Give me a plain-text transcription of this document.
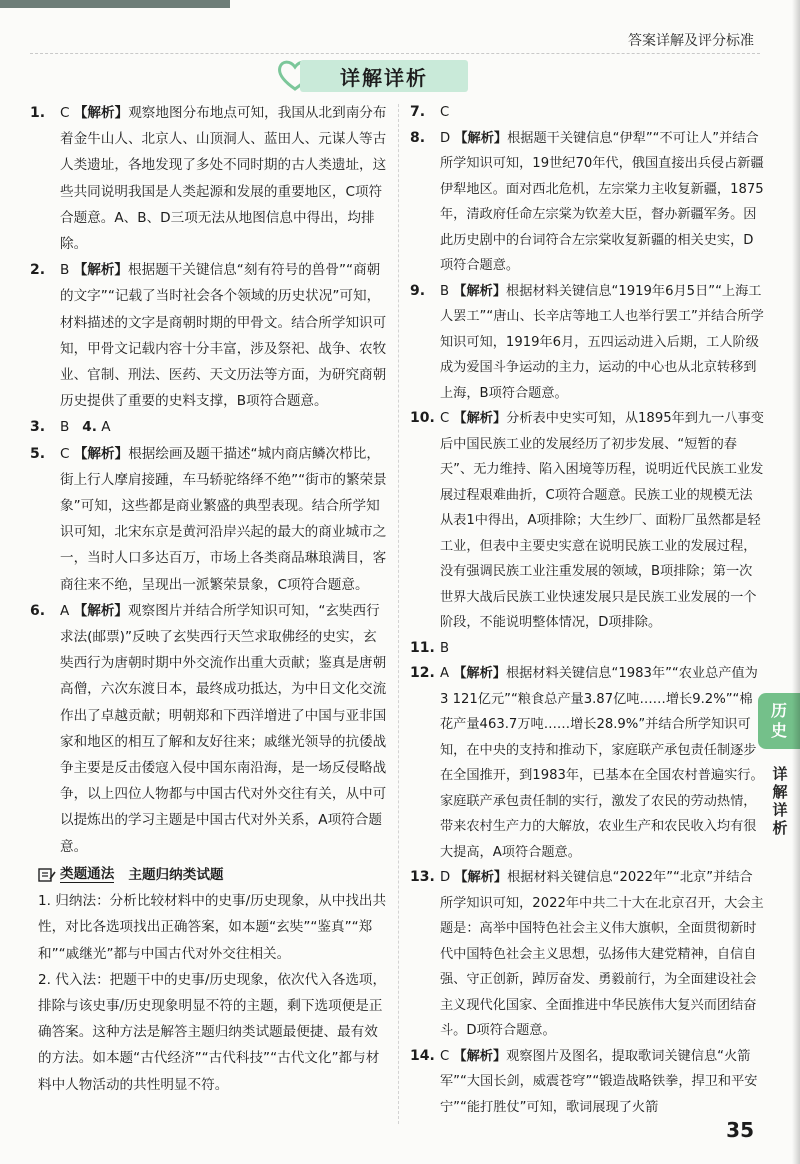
答案详解及评分标准
详解详析
1. C 【解析】观察地图分布地点可知，我国从北到南分布着金牛山人、北京人、山顶洞人、蓝田人、元谋人等古人类遗址，各地发现了多处不同时期的古人类遗址，这些共同说明我国是人类起源和发展的重要地区，C项符合题意。A、B、D三项无法从地图信息中得出，均排除。

2. B 【解析】根据题干关键信息“刻有符号的兽骨”“商朝的文字”“记载了当时社会各个领域的历史状况”可知，材料描述的文字是商朝时期的甲骨文。结合所学知识可知，甲骨文记载内容十分丰富，涉及祭祀、战争、农牧业、官制、刑法、医药、天文历法等方面，为研究商朝历史提供了重要的史料支撑，B项符合题意。

3. B 4. A

5. C 【解析】根据绘画及题干描述“城内商店鳞次栉比，街上行人摩肩接踵，车马轿驼络绎不绝”“街市的繁荣景象”可知，这些都是商业繁盛的典型表现。结合所学知识可知，北宋东京是黄河沿岸兴起的最大的商业城市之一，当时人口多达百万，市场上各类商品琳琅满目，客商往来不绝，呈现出一派繁荣景象，C项符合题意。

6. A 【解析】观察图片并结合所学知识可知，“玄奘西行求法(邮票)”反映了玄奘西行天竺求取佛经的史实，玄奘西行为唐朝时期中外交流作出重大贡献；鉴真是唐朝高僧，六次东渡日本，最终成功抵达，为中日文化交流作出了卓越贡献；明朝郑和下西洋增进了中国与亚非国家和地区的相互了解和友好往来；戚继光领导的抗倭战争主要是反击倭寇入侵中国东南沿海，是一场反侵略战争，以上四位人物都与中国古代对外交往有关，从中可以提炼出的学习主题是中国古代对外关系，A项符合题意。

类题通法 主题归纳类试题

1. 归纳法：分析比较材料中的史事/历史现象，从中找出共性，对比各选项找出正确答案，如本题“玄奘”“鉴真”“郑和”“戚继光”都与中国古代对外交往相关。

2. 代入法：把题干中的史事/历史现象，依次代入各选项，排除与该史事/历史现象明显不符的主题，剩下选项便是正确答案。这种方法是解答主题归纳类试题最便捷、最有效的方法。如本题“古代经济”“古代科技”“古代文化”都与材料中人物活动的共性明显不符。

7. C

8. D 【解析】根据题干关键信息“伊犁”“不可让人”并结合所学知识可知，19世纪70年代，俄国直接出兵侵占新疆伊犁地区。面对西北危机，左宗棠力主收复新疆，1875年，清政府任命左宗棠为钦差大臣，督办新疆军务。因此历史剧中的台词符合左宗棠收复新疆的相关史实，D项符合题意。

9. B 【解析】根据材料关键信息“1919年6月5日”“上海工人罢工”“唐山、长辛店等地工人也举行罢工”并结合所学知识可知，1919年6月，五四运动进入后期，工人阶级成为爱国斗争运动的主力，运动的中心也从北京转移到上海，B项符合题意。

10. C 【解析】分析表中史实可知，从1895年到九一八事变后中国民族工业的发展经历了初步发展、“短暂的春天”、无力维持、陷入困境等历程，说明近代民族工业发展过程艰难曲折，C项符合题意。民族工业的规模无法从表1中得出，A项排除；大生纱厂、面粉厂虽然都是轻工业，但表中主要史实意在说明民族工业的发展过程，没有强调民族工业注重发展的领域，B项排除；第一次世界大战后民族工业快速发展只是民族工业发展的一个阶段，不能说明整体情况，D项排除。

11. B

12. A 【解析】根据材料关键信息“1983年”“农业总产值为3 121亿元”“粮食总产量3.87亿吨……增长9.2%”“棉花产量463.7万吨……增长28.9%”并结合所学知识可知，在中央的支持和推动下，家庭联产承包责任制逐步在全国推开，到1983年，已基本在全国农村普遍实行。家庭联产承包责任制的实行，激发了农民的劳动热情，带来农村生产力的大解放，农业生产和农民收入均有很大提高，A项符合题意。

13. D 【解析】根据材料关键信息“2022年”“北京”并结合所学知识可知，2022年中共二十大在北京召开，大会主题是：高举中国特色社会主义伟大旗帜，全面贯彻新时代中国特色社会主义思想，弘扬伟大建党精神，自信自强、守正创新，踔厉奋发、勇毅前行，为全面建设社会主义现代化国家、全面推进中华民族伟大复兴而团结奋斗。D项符合题意。

14. C 【解析】观察图片及图名，提取歌词关键信息“火箭军”“大国长剑，威震苍穹”“锻造战略铁拳，捍卫和平安宁”“能打胜仗”可知，歌词展现了火箭

历
史
详解详析
35
